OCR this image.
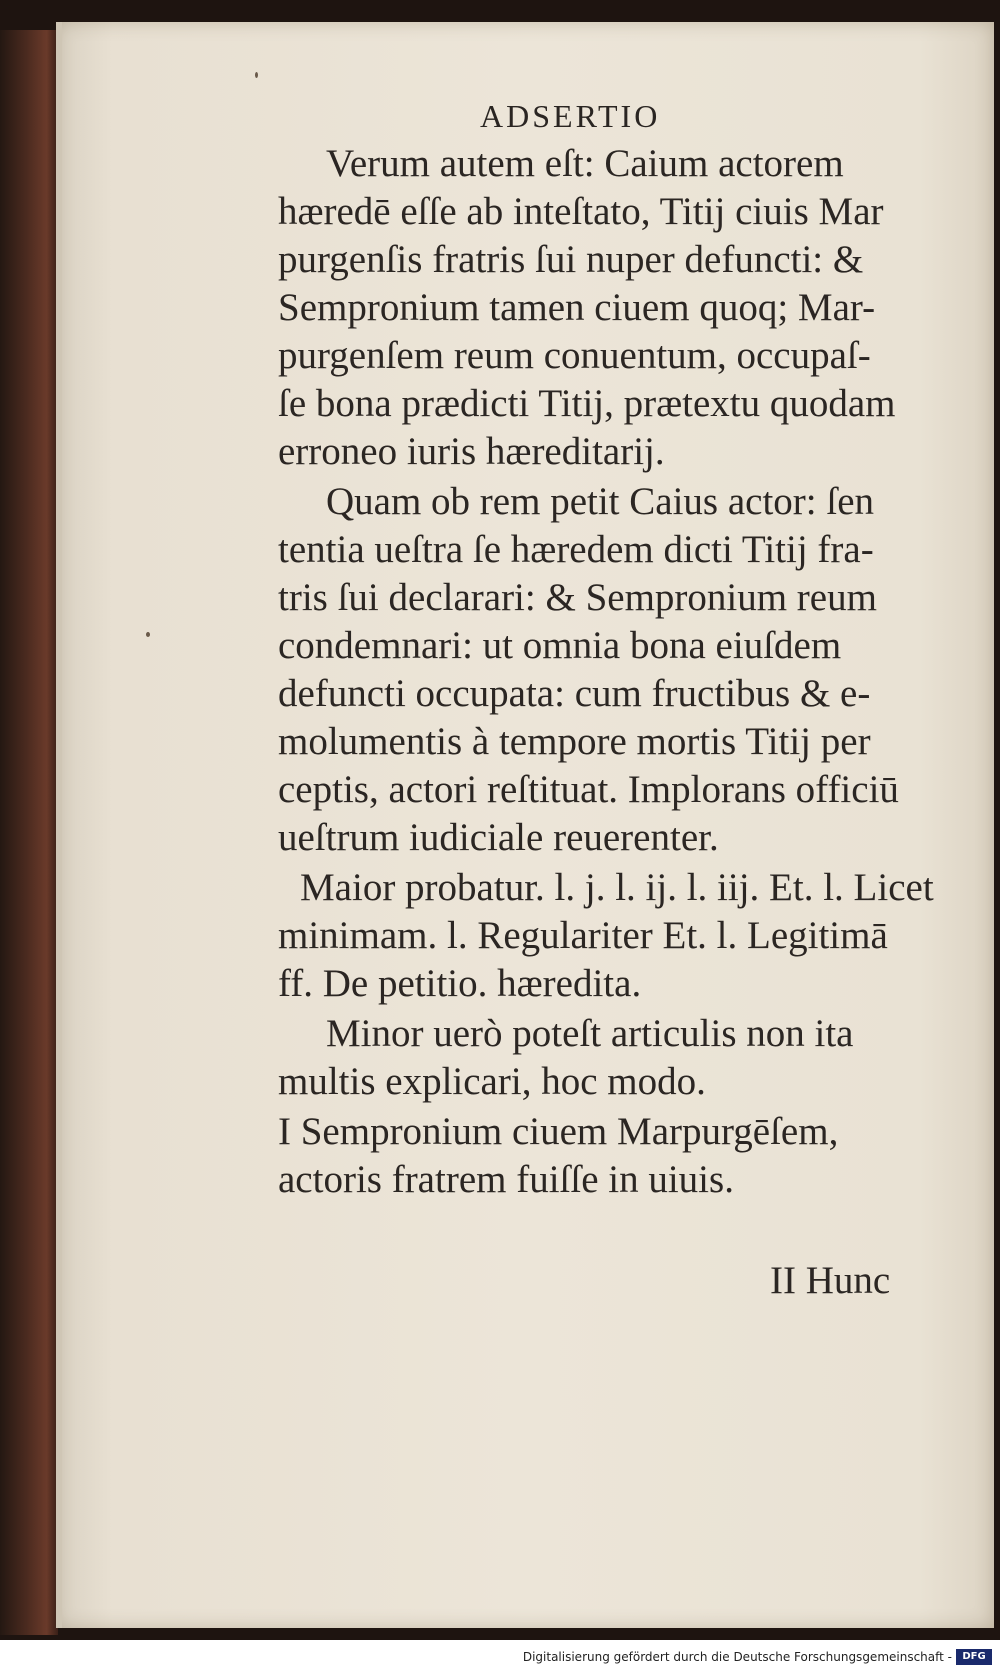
ADSERTIO

Verum autem eſt: Caium actorem

hæredē eſſe ab inteſtato, Titij ciuis Mar

purgenſis fratris ſui nuper defuncti: &

Sempronium tamen ciuem quoq; Mar-

purgenſem reum conuentum, occupaſ-

ſe bona prædicti Titij, prætextu quodam

erroneo iuris hæreditarij.

Quam ob rem petit Caius actor: ſen

tentia ueſtra ſe hæredem dicti Titij fra-

tris ſui declarari: & Sempronium reum

condemnari: ut omnia bona eiuſdem

defuncti occupata: cum fructibus & e-

molumentis à tempore mortis Titij per

ceptis, actori reſtituat. Implorans officiū

ueſtrum iudiciale reuerenter.

Maior probatur. l. j. l. ij. l. iij. Et. l. Licet

minimam. l. Regulariter Et. l. Legitimā

ff. De petitio. hæredita.

Minor uerò poteſt articulis non ita

multis explicari, hoc modo.

I Sempronium ciuem Marpurgēſem,

actoris fratrem fuiſſe in uiuis.

II Hunc

Digitalisierung gefördert durch die Deutsche Forschungsgemeinschaft -	DFG
